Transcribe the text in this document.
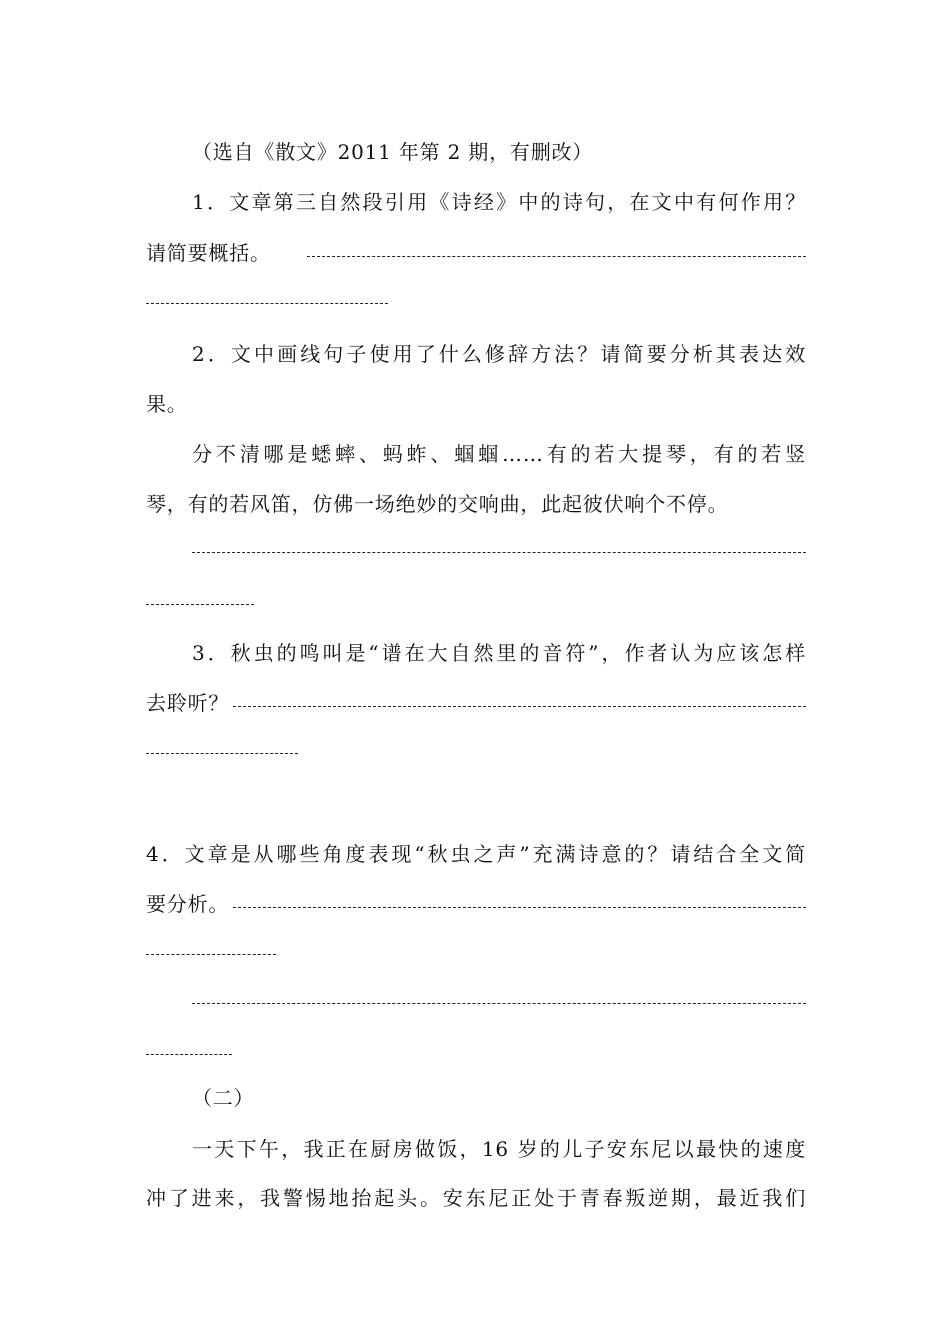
（选自《散文》2011 年第 2 期，有删改）
1．文章第三自然段引用《诗经》中的诗句，在文中有何作用？
请简要概括。
2．文中画线句子使用了什么修辞方法？请简要分析其表达效
果。
分不清哪是蟋蟀、蚂蚱、蝈蝈……有的若大提琴，有的若竖
琴，有的若风笛，仿佛一场绝妙的交响曲，此起彼伏响个不停。
3．秋虫的鸣叫是“谱在大自然里的音符”，作者认为应该怎样
去聆听？
4．文章是从哪些角度表现“秋虫之声”充满诗意的？请结合全文简
要分析。
（二）
一天下午，我正在厨房做饭，16 岁的儿子安东尼以最快的速度
冲了进来，我警惕地抬起头。安东尼正处于青春叛逆期，最近我们
